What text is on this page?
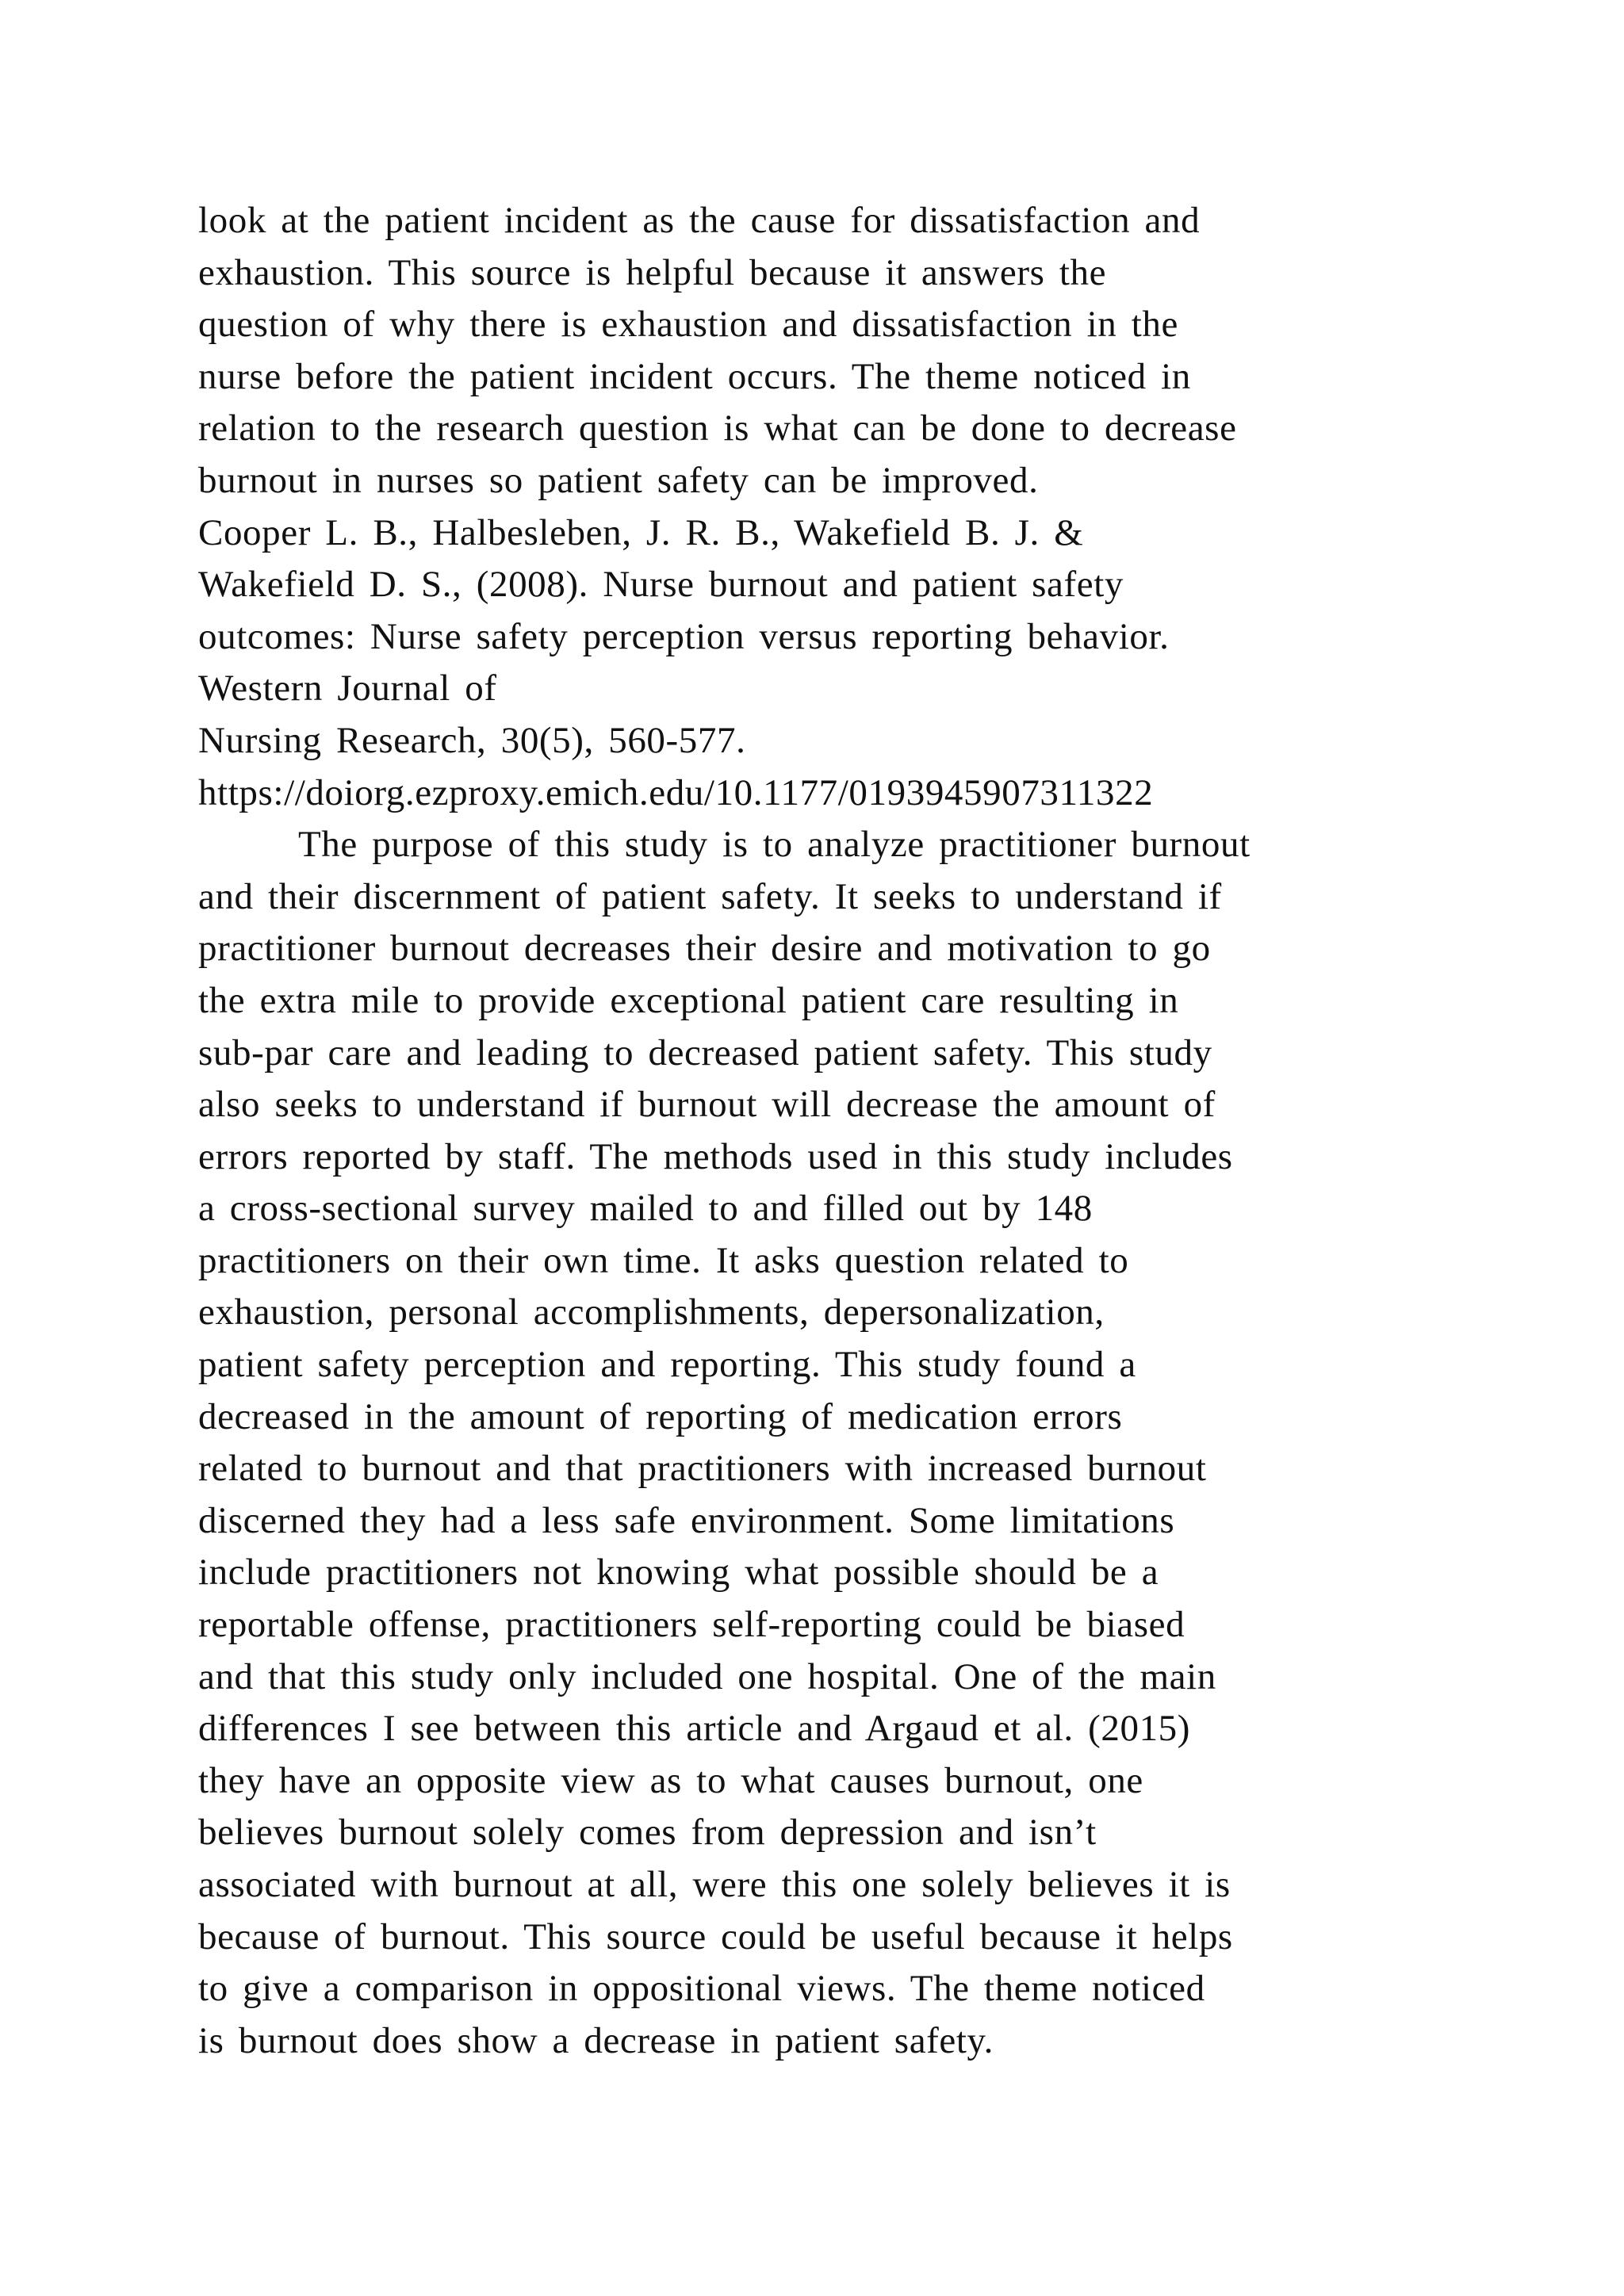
look at the patient incident as the cause for dissatisfaction and
exhaustion. This source is helpful because it answers the
question of why there is exhaustion and dissatisfaction in the
nurse before the patient incident occurs. The theme noticed in
relation to the research question is what can be done to decrease
burnout in nurses so patient safety can be improved.
Cooper L. B., Halbesleben, J. R. B., Wakefield B. J. &
Wakefield D. S., (2008). Nurse burnout and patient safety
outcomes: Nurse safety perception versus reporting behavior.
Western Journal of
Nursing Research, 30(5), 560-577.
https://doiorg.ezproxy.emich.edu/10.1177/0193945907311322
The purpose of this study is to analyze practitioner burnout
and their discernment of patient safety. It seeks to understand if
practitioner burnout decreases their desire and motivation to go
the extra mile to provide exceptional patient care resulting in
sub-par care and leading to decreased patient safety. This study
also seeks to understand if burnout will decrease the amount of
errors reported by staff. The methods used in this study includes
a cross-sectional survey mailed to and filled out by 148
practitioners on their own time. It asks question related to
exhaustion, personal accomplishments, depersonalization,
patient safety perception and reporting. This study found a
decreased in the amount of reporting of medication errors
related to burnout and that practitioners with increased burnout
discerned they had a less safe environment. Some limitations
include practitioners not knowing what possible should be a
reportable offense, practitioners self-reporting could be biased
and that this study only included one hospital. One of the main
differences I see between this article and Argaud et al. (2015)
they have an opposite view as to what causes burnout, one
believes burnout solely comes from depression and isn’t
associated with burnout at all, were this one solely believes it is
because of burnout. This source could be useful because it helps
to give a comparison in oppositional views. The theme noticed
is burnout does show a decrease in patient safety.
